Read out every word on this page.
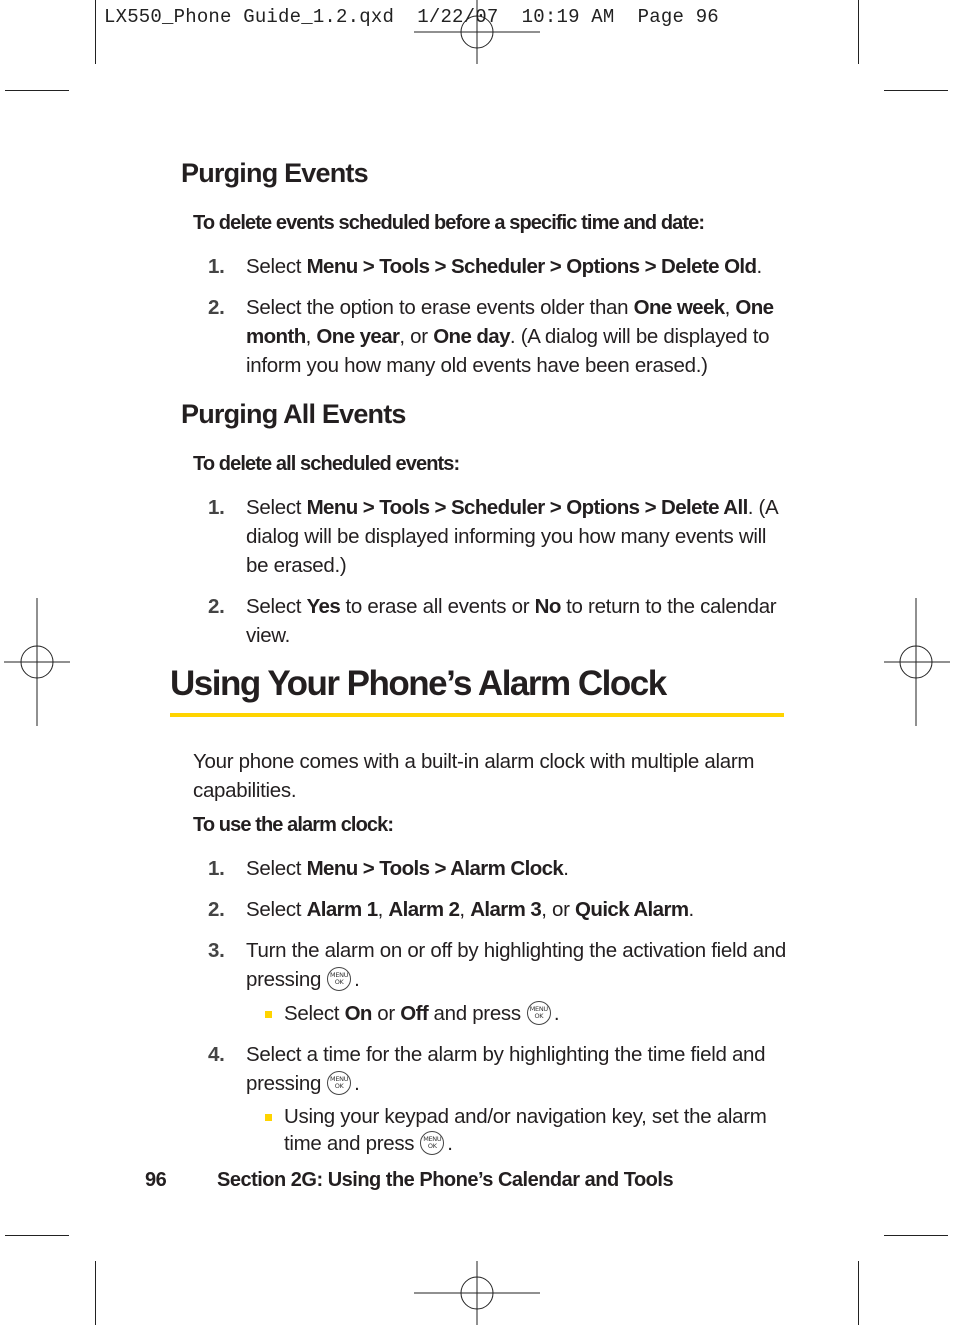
LX550_Phone Guide_1.2.qxd  1/22/07  10:19 AM  Page 96
Purging Events

To delete events scheduled before a specific time and date:

1. Select Menu > Tools > Scheduler > Options > Delete Old.
2. Select the option to erase events older than One week, One month, One year, or One day. (A dialog will be displayed to inform you how many old events have been erased.)
Purging All Events

To delete all scheduled events:

1. Select Menu > Tools > Scheduler > Options > Delete All. (A dialog will be displayed informing you how many events will be erased.)
2. Select Yes to erase all events or No to return to the calendar view.
Using Your Phone’s Alarm Clock

Your phone comes with a built-in alarm clock with multiple alarm capabilities.

To use the alarm clock:

1. Select Menu > Tools > Alarm Clock.
2. Select Alarm 1, Alarm 2, Alarm 3, or Quick Alarm.
3. Turn the alarm on or off by highlighting the activation field and pressing MENU
OK .
Select On or Off and press MENU
OK .
4. Select a time for the alarm by highlighting the time field and pressing MENU
OK .
Using your keypad and/or navigation key, set the alarm time and press MENU
OK .
96	Section 2G: Using the Phone’s Calendar and Tools
